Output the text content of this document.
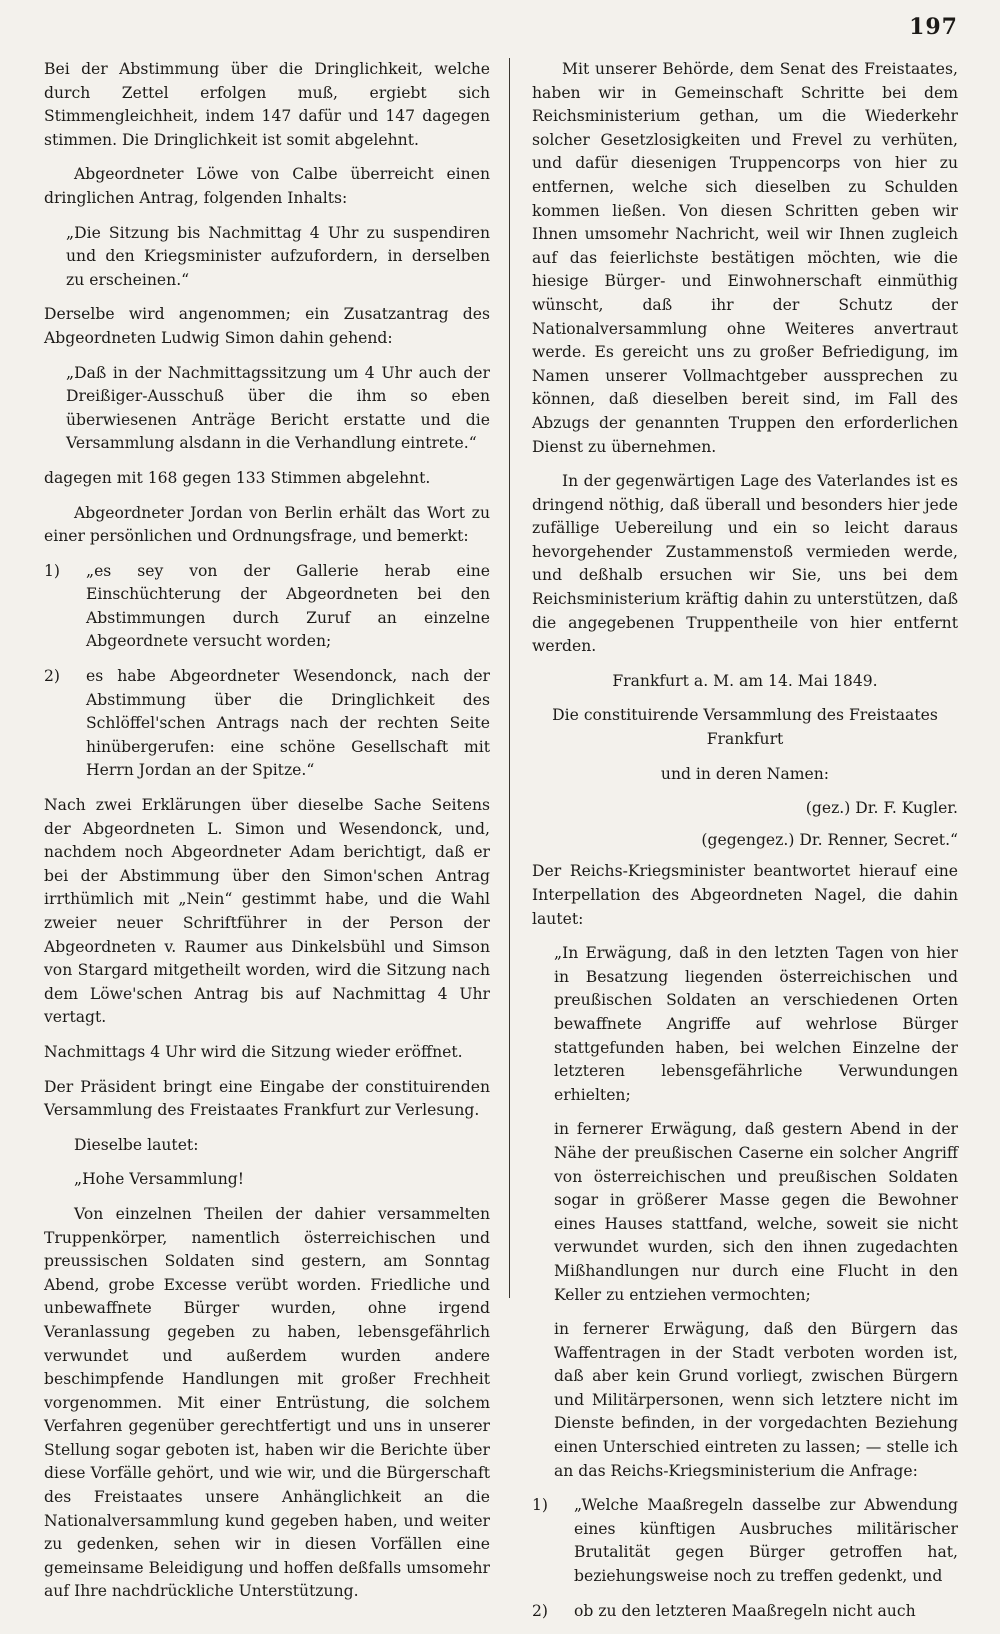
197

Bei der Abstimmung über die Dringlichkeit, welche durch Zettel erfolgen muß, ergiebt sich Stimmengleichheit, indem 147 dafür und 147 dagegen stimmen. Die Dringlichkeit ist somit abgelehnt.

Abgeordneter Löwe von Calbe überreicht einen dringlichen Antrag, folgenden Inhalts:

„Die Sitzung bis Nachmittag 4 Uhr zu suspendiren und den Kriegsminister aufzufordern, in derselben zu erscheinen.“

Derselbe wird angenommen; ein Zusatzantrag des Abgeordneten Ludwig Simon dahin gehend:

„Daß in der Nachmittagssitzung um 4 Uhr auch der Dreißiger-Ausschuß über die ihm so eben überwiesenen Anträge Bericht erstatte und die Versammlung alsdann in die Verhandlung eintrete.“

dagegen mit 168 gegen 133 Stimmen abgelehnt.

Abgeordneter Jordan von Berlin erhält das Wort zu einer persönlichen und Ordnungsfrage, und bemerkt:

1)	„es sey von der Gallerie herab eine Einschüchterung der Abgeordneten bei den Abstimmungen durch Zuruf an einzelne Abgeordnete versucht worden;
2)	es habe Abgeordneter Wesendonck, nach der Abstimmung über die Dringlichkeit des Schlöffel'schen Antrags nach der rechten Seite hinübergerufen: eine schöne Gesellschaft mit Herrn Jordan an der Spitze.“

Nach zwei Erklärungen über dieselbe Sache Seitens der Abgeordneten L. Simon und Wesendonck, und, nachdem noch Abgeordneter Adam berichtigt, daß er bei der Abstimmung über den Simon'schen Antrag irrthümlich mit „Nein“ gestimmt habe, und die Wahl zweier neuer Schriftführer in der Person der Abgeordneten v. Raumer aus Dinkelsbühl und Simson von Stargard mitgetheilt worden, wird die Sitzung nach dem Löwe'schen Antrag bis auf Nachmittag 4 Uhr vertagt.

Nachmittags 4 Uhr wird die Sitzung wieder eröffnet.

Der Präsident bringt eine Eingabe der constituirenden Versammlung des Freistaates Frankfurt zur Verlesung.

Dieselbe lautet:

„Hohe Versammlung!

Von einzelnen Theilen der dahier versammelten Truppenkörper, namentlich österreichischen und preussischen Soldaten sind gestern, am Sonntag Abend, grobe Excesse verübt worden. Friedliche und unbewaffnete Bürger wurden, ohne irgend Veranlassung gegeben zu haben, lebensgefährlich verwundet und außerdem wurden andere beschimpfende Handlungen mit großer Frechheit vorgenommen. Mit einer Entrüstung, die solchem Verfahren gegenüber gerechtfertigt und uns in unserer Stellung sogar geboten ist, haben wir die Berichte über diese Vorfälle gehört, und wie wir, und die Bürgerschaft des Freistaates unsere Anhänglichkeit an die Nationalversammlung kund gegeben haben, und weiter zu gedenken, sehen wir in diesen Vorfällen eine gemeinsame Beleidigung und hoffen deßfalls umsomehr auf Ihre nachdrückliche Unterstützung.

Mit unserer Behörde, dem Senat des Freistaates, haben wir in Gemeinschaft Schritte bei dem Reichsministerium gethan, um die Wiederkehr solcher Gesetzlosigkeiten und Frevel zu verhüten, und dafür diesenigen Truppencorps von hier zu entfernen, welche sich dieselben zu Schulden kommen ließen. Von diesen Schritten geben wir Ihnen umsomehr Nachricht, weil wir Ihnen zugleich auf das feierlichste bestätigen möchten, wie die hiesige Bürger- und Einwohnerschaft einmüthig wünscht, daß ihr der Schutz der Nationalversammlung ohne Weiteres anvertraut werde. Es gereicht uns zu großer Befriedigung, im Namen unserer Vollmachtgeber aussprechen zu können, daß dieselben bereit sind, im Fall des Abzugs der genannten Truppen den erforderlichen Dienst zu übernehmen.

In der gegenwärtigen Lage des Vaterlandes ist es dringend nöthig, daß überall und besonders hier jede zufällige Uebereilung und ein so leicht daraus hevorgehender Zustammenstoß vermieden werde, und deßhalb ersuchen wir Sie, uns bei dem Reichsministerium kräftig dahin zu unterstützen, daß die angegebenen Truppentheile von hier entfernt werden.

Frankfurt a. M. am 14. Mai 1849.

Die constituirende Versammlung des Freistaates Frankfurt

und in deren Namen:

(gez.) Dr. F. Kugler.

(gegengez.) Dr. Renner, Secret.“

Der Reichs-Kriegsminister beantwortet hierauf eine Interpellation des Abgeordneten Nagel, die dahin lautet:

„In Erwägung, daß in den letzten Tagen von hier in Besatzung liegenden österreichischen und preußischen Soldaten an verschiedenen Orten bewaffnete Angriffe auf wehrlose Bürger stattgefunden haben, bei welchen Einzelne der letzteren lebensgefährliche Verwundungen erhielten;

in fernerer Erwägung, daß gestern Abend in der Nähe der preußischen Caserne ein solcher Angriff von österreichischen und preußischen Soldaten sogar in größerer Masse gegen die Bewohner eines Hauses stattfand, welche, soweit sie nicht verwundet wurden, sich den ihnen zugedachten Mißhandlungen nur durch eine Flucht in den Keller zu entziehen vermochten;

in fernerer Erwägung, daß den Bürgern das Waffentragen in der Stadt verboten worden ist, daß aber kein Grund vorliegt, zwischen Bürgern und Militärpersonen, wenn sich letztere nicht im Dienste befinden, in der vorgedachten Beziehung einen Unterschied eintreten zu lassen; — stelle ich an das Reichs-Kriegsministerium die Anfrage:

1)	„Welche Maaßregeln dasselbe zur Abwendung eines künftigen Ausbruches militärischer Brutalität gegen Bürger getroffen hat, beziehungsweise noch zu treffen gedenkt, und
2)	ob zu den letzteren Maaßregeln nicht auch
